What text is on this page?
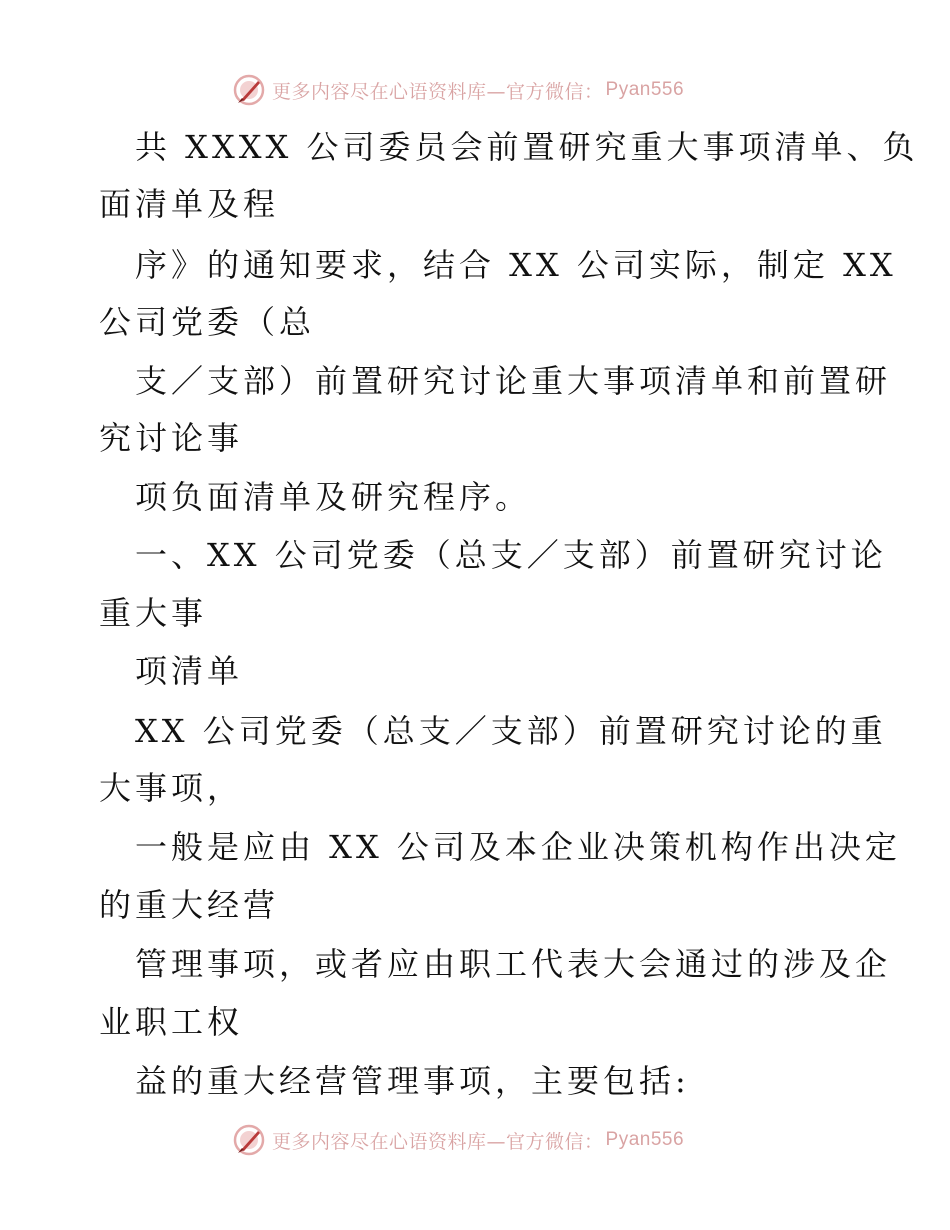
更多内容尽在心语资料库—官方微信： Pyan556
共 XXXX 公司委员会前置研究重大事项清单、负
面清单及程
序》的通知要求，结合 XX 公司实际，制定 XX
公司党委（总
支／支部）前置研究讨论重大事项清单和前置研
究讨论事
项负面清单及研究程序。
一、XX 公司党委（总支／支部）前置研究讨论
重大事
项清单
XX 公司党委（总支／支部）前置研究讨论的重
大事项，
一般是应由 XX 公司及本企业决策机构作出决定
的重大经营
管理事项，或者应由职工代表大会通过的涉及企
业职工权
益的重大经营管理事项，主要包括:
更多内容尽在心语资料库—官方微信： Pyan556
